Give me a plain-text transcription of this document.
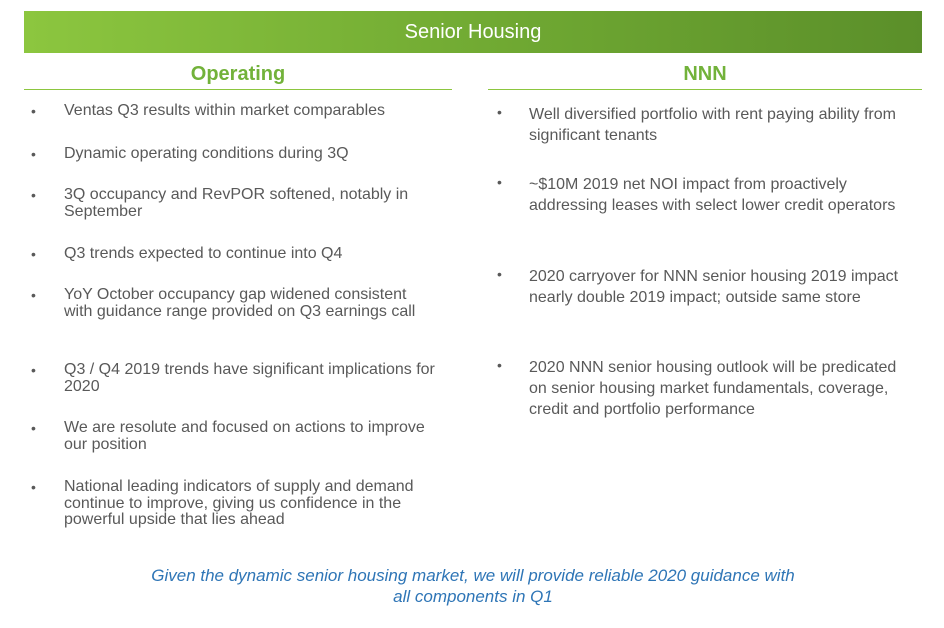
Senior Housing
Operating	NNN
• Ventas Q3 results within market comparables
• Dynamic operating conditions during 3Q
• 3Q occupancy and RevPOR softened, notably in September
• Q3 trends expected to continue into Q4
• YoY October occupancy gap widened consistent with guidance range provided on Q3 earnings call
• Q3 / Q4 2019 trends have significant implications for 2020
• We are resolute and focused on actions to improve our position
• National leading indicators of supply and demand continue to improve, giving us confidence in the powerful upside that lies ahead
• Well diversified portfolio with rent paying ability from significant tenants
• ~$10M 2019 net NOI impact from proactively addressing leases with select lower credit operators
• 2020 carryover for NNN senior housing 2019 impact nearly double 2019 impact; outside same store
• 2020 NNN senior housing outlook will be predicated on senior housing market fundamentals, coverage, credit and portfolio performance
Given the dynamic senior housing market, we will provide reliable 2020 guidance with
all components in Q1
